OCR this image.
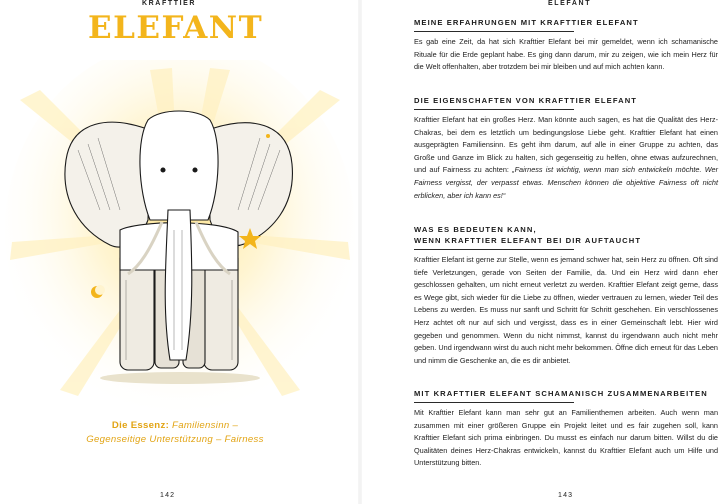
KRAFTTIER
ELEFANT
Die Essenz: Familiensinn –
Gegenseitige Unterstützung – Fairness
142
ELEFANT
MEINE ERFAHRUNGEN MIT KRAFTTIER ELEFANT

Es gab eine Zeit, da hat sich Krafttier Elefant bei mir gemeldet, wenn ich schamanische Rituale für die Erde geplant habe. Es ging dann darum, mir zu zeigen, wie ich mein Herz für die Welt offenhalten, aber trotzdem bei mir bleiben und auf mich achten kann.

DIE EIGENSCHAFTEN VON KRAFTTIER ELEFANT

Krafttier Elefant hat ein großes Herz. Man könnte auch sagen, es hat die Qualität des Herz-Chakras, bei dem es letztlich um bedingungslose Liebe geht. Krafttier Elefant hat einen ausgeprägten Familiensinn. Es geht ihm darum, auf alle in einer Gruppe zu achten, das Große und Ganze im Blick zu halten, sich gegenseitig zu helfen, ohne etwas aufzurechnen, und auf Fairness zu achten: „Fairness ist wichtig, wenn man sich entwickeln möchte. Wer Fairness vergisst, der verpasst etwas. Menschen können die objektive Fairness oft nicht erblicken, aber ich kann es!“

WAS ES BEDEUTEN KANN,
WENN KRAFTTIER ELEFANT BEI DIR AUFTAUCHT

Krafttier Elefant ist gerne zur Stelle, wenn es jemand schwer hat, sein Herz zu öffnen. Oft sind tiefe Verletzungen, gerade von Seiten der Familie, da. Und ein Herz wird dann eher geschlossen gehalten, um nicht erneut verletzt zu werden. Krafttier Elefant zeigt gerne, dass es Wege gibt, sich wieder für die Liebe zu öffnen, wieder vertrauen zu lernen, wieder Teil des Lebens zu werden. Es muss nur sanft und Schritt für Schritt geschehen. Ein verschlossenes Herz achtet oft nur auf sich und vergisst, dass es in einer Gemeinschaft lebt. Hier wird gegeben und genommen. Wenn du nicht nimmst, kannst du irgendwann auch nicht mehr geben. Und irgendwann wirst du auch nicht mehr bekommen. Öffne dich erneut für das Leben und nimm die Geschenke an, die es dir anbietet.

MIT KRAFTTIER ELEFANT SCHAMANISCH ZUSAMMENARBEITEN

Mit Krafttier Elefant kann man sehr gut an Familienthemen arbeiten. Auch wenn man zusammen mit einer größeren Gruppe ein Projekt leitet und es fair zugehen soll, kann Krafttier Elefant sich prima einbringen. Du musst es einfach nur darum bitten. Willst du die Qualitäten deines Herz-Chakras entwickeln, kannst du Krafttier Elefant auch um Hilfe und Unterstützung bitten.

143
